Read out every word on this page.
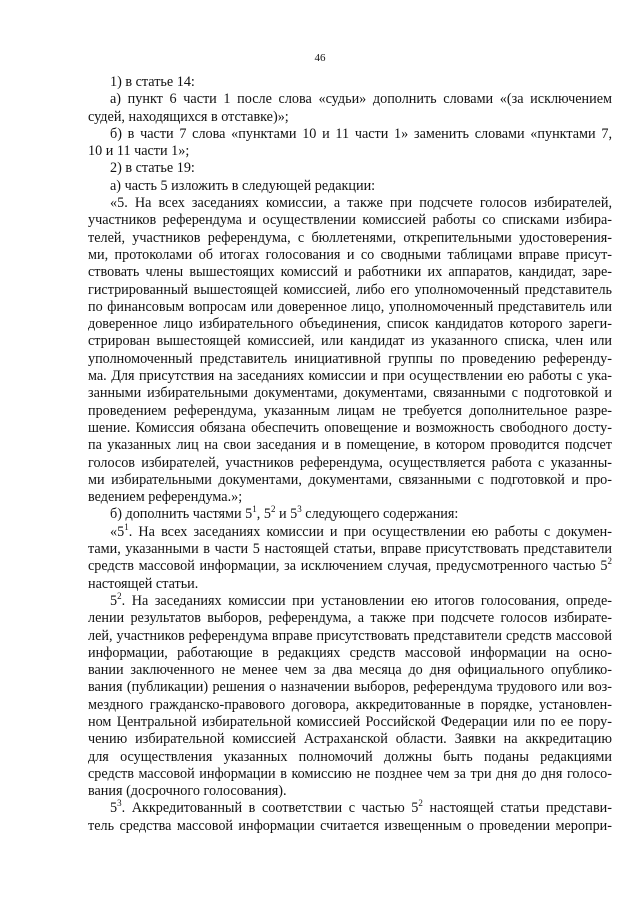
46
1) в статье 14:
а) пункт 6 части 1 после слова «судьи» дополнить словами «(за исключением
судей, находящихся в отставке)»;
б) в части 7 слова «пунктами 10 и 11 части 1» заменить словами «пунктами 7,
10 и 11 части 1»;
2) в статье 19:
а) часть 5 изложить в следующей редакции:
«5. На всех заседаниях комиссии, а также при подсчете голосов избирателей,
участников референдума и осуществлении комиссией работы со списками избира-
телей, участников референдума, с бюллетенями, открепительными удостоверения-
ми, протоколами об итогах голосования и со сводными таблицами вправе присут-
ствовать члены вышестоящих комиссий и работники их аппаратов, кандидат, заре-
гистрированный вышестоящей комиссией, либо его уполномоченный представитель
по финансовым вопросам или доверенное лицо, уполномоченный представитель или
доверенное лицо избирательного объединения, список кандидатов которого зареги-
стрирован вышестоящей комиссией, или кандидат из указанного списка, член или
уполномоченный представитель инициативной группы по проведению референду-
ма. Для присутствия на заседаниях комиссии и при осуществлении ею работы с ука-
занными избирательными документами, документами, связанными с подготовкой и
проведением референдума, указанным лицам не требуется дополнительное разре-
шение. Комиссия обязана обеспечить оповещение и возможность свободного досту-
па указанных лиц на свои заседания и в помещение, в котором проводится подсчет
голосов избирателей, участников референдума, осуществляется работа с указанны-
ми избирательными документами, документами, связанными с подготовкой и про-
ведением референдума.»;
б) дополнить частями $5^1$, $5^2$ и $5^3$ следующего содержания:
«$5^1$. На всех заседаниях комиссии и при осуществлении ею работы с докумен-
тами, указанными в части 5 настоящей статьи, вправе присутствовать представители
средств массовой информации, за исключением случая, предусмотренного частью $5^2$
настоящей статьи.
$5^2$. На заседаниях комиссии при установлении ею итогов голосования, опреде-
лении результатов выборов, референдума, а также при подсчете голосов избирате-
лей, участников референдума вправе присутствовать представители средств массовой
информации, работающие в редакциях средств массовой информации на осно-
вании заключенного не менее чем за два месяца до дня официального опублико-
вания (публикации) решения о назначении выборов, референдума трудового или воз-
мездного гражданско-правового договора, аккредитованные в порядке, установлен-
ном Центральной избирательной комиссией Российской Федерации или по ее пору-
чению избирательной комиссией Астраханской области. Заявки на аккредитацию
для осуществления указанных полномочий должны быть поданы редакциями
средств массовой информации в комиссию не позднее чем за три дня до дня голосо-
вания (досрочного голосования).
$5^3$. Аккредитованный в соответствии с частью $5^2$ настоящей статьи представи-
тель средства массовой информации считается извещенным о проведении меропри-
